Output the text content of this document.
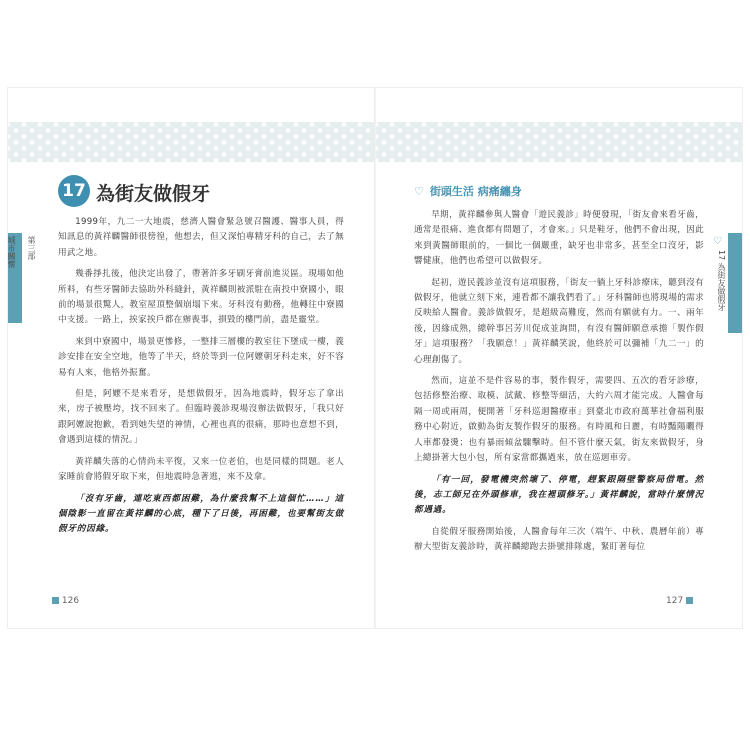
17 為街友做假牙
第三部

城市關懷

1999年，九二一大地震，慈濟人醫會緊急號召醫護、醫事人員，得知訊息的黃祥麟醫師很徬徨，他想去，但又深怕專精牙科的自己，去了無用武之地。

幾番掙扎後，他決定出發了，帶著許多牙刷牙膏前進災區。現場如他所料，有些牙醫師去協助外科縫針，黃祥麟則被派駐在南投中寮國小，眼前的場景很驚人，教室屋頂整個崩塌下來。牙科沒有動務，他轉往中寮國中支援。一路上，挨家挨戶都在辦喪事，損毀的樓門前，盡是靈堂。

來到中寮國中，場景更慘修，一整排三層樓的教室往下墜成一樓，義診安排在安全空地，他等了半天，終於等到一位阿嬤朝牙科走來，好不容易有人來，他格外振奮。

但是，阿嬤不是來看牙，是想做假牙，因為地震時，假牙忘了拿出來，房子被壓垮，找不回來了。但臨時義診現場沒辦法做假牙，「我只好跟阿嬤說抱歉，看到她失望的神情，心裡也真的很痛，那時也意想不到，會遇到這樣的情況。」

黃祥麟失落的心情尚未平復，又來一位老伯，也是同樣的問題。老人家睡前會將假牙取下來，但地震時急著逃，來不及拿。

「沒有牙齒，連吃東西都困難，為什麼我幫不上這個忙……」這個陰影一直留在黃祥麟的心底，種下了日後，再困難，也要幫街友做假牙的因緣。

126
♡ 街頭生活 病痛纏身
♡
17 為街友做假牙

早期，黃祥麟參與人醫會「遊民義診」時便發現，「街友會來看牙齒，通常是很痛、進食都有問題了，才會來。」只是鞋牙，他們不會出現，因此來到黃醫師眼前的，一個比一個嚴重，缺牙也非常多，甚至全口沒牙，影響健康，他們也希望可以做假牙。

起初，遊民義診並沒有這項服務，「街友一躺上牙科診療床，聽到沒有做假牙，他就立刻下來，連看都不讓我們看了。」牙科醫師也將現場的需求反映給人醫會。義診做假牙，是超級高難度，然而有願就有力。一、兩年後，因緣成熟，總幹事呂芳川促成並詢問，有沒有醫師願意承擔「製作假牙」這項服務？「我願意！」黃祥麟笑說，他終於可以彌補「九二一」的心理創傷了。

然而，這並不是件容易的事，製作假牙，需要四、五次的看牙診療，包括修整治療、取模、試戴、修整等細活，大約六周才能完成。人醫會每隔一周或兩周，便開著「牙科巡迴醫療車」到臺北市政府萬華社會福利服務中心附近，啟動為街友製作假牙的服務。有時風和日麗，有時豔陽曬得人車都發燙；也有暴雨傾盆驟擊時。但不管什麼天氣，街友來做假牙，身上總掛著大包小包，所有家當都攜過來，放在巡迴車旁。

「有一回，發電機突然壞了、停電，趕緊跟隔壁警察局借電。然後，志工師兄在外頭修車，我在裡頭修牙。」黃祥麟說，當時什麼情況都遇過。

自從假牙服務開始後，人醫會每年三次（端午、中秋、農曆年前）專辦大型街友義診時，黃祥麟總跑去掛號排隊處，緊盯著每位

127
